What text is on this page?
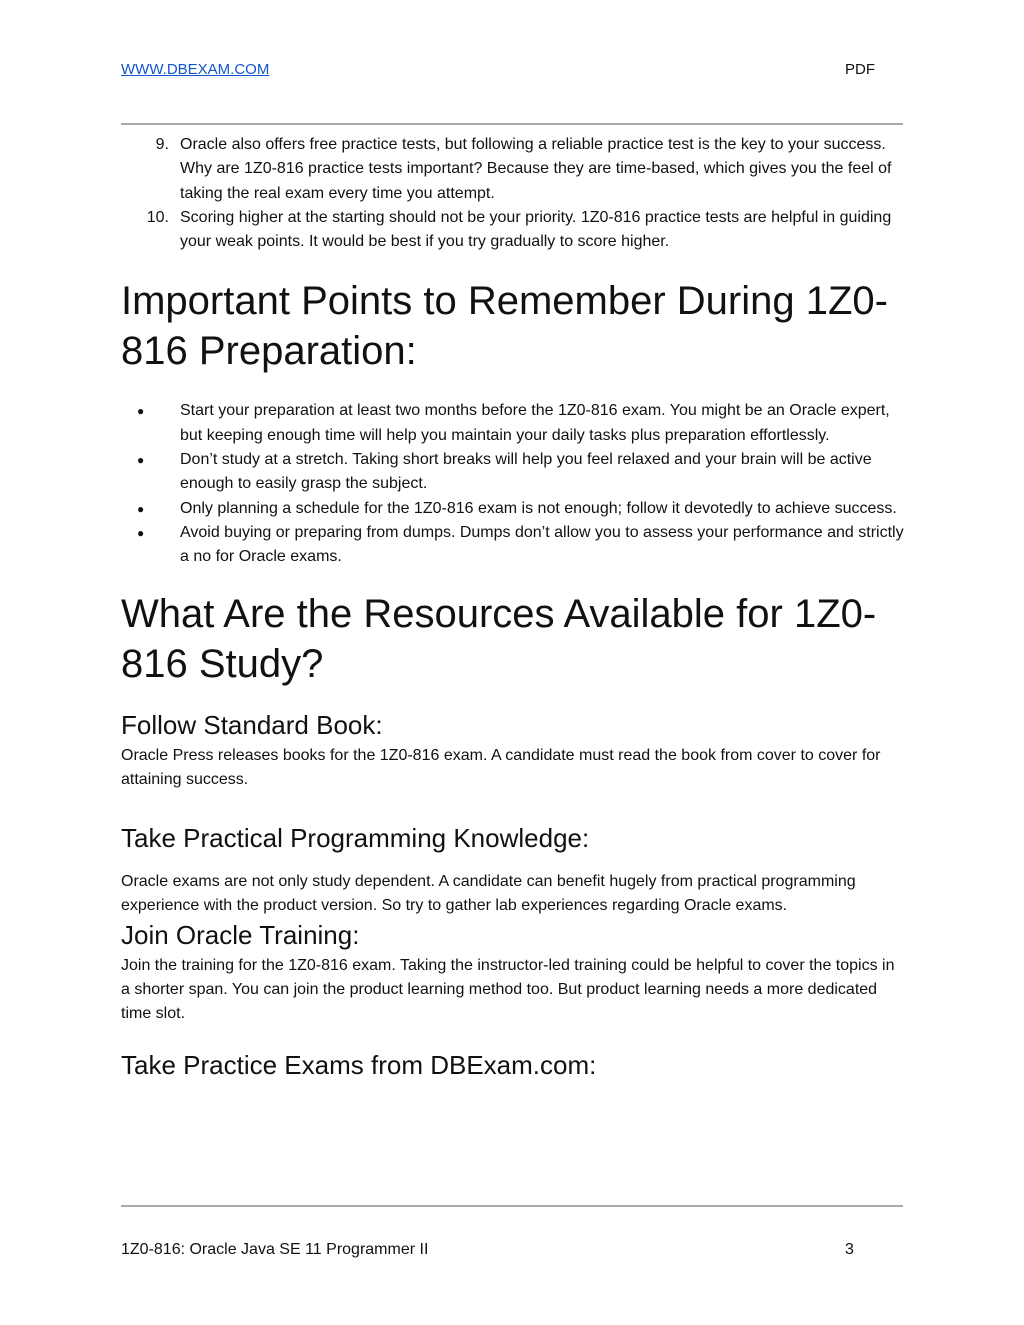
WWW.DBEXAM.COM	PDF
9. Oracle also offers free practice tests, but following a reliable practice test is the key to your success. Why are 1Z0-816 practice tests important? Because they are time-based, which gives you the feel of taking the real exam every time you attempt.
10. Scoring higher at the starting should not be your priority. 1Z0-816 practice tests are helpful in guiding your weak points. It would be best if you try gradually to score higher.
Important Points to Remember During 1Z0-
816 Preparation:
● Start your preparation at least two months before the 1Z0-816 exam. You might be an Oracle expert, but keeping enough time will help you maintain your daily tasks plus preparation effortlessly.
● Don’t study at a stretch. Taking short breaks will help you feel relaxed and your brain will be active enough to easily grasp the subject.
● Only planning a schedule for the 1Z0-816 exam is not enough; follow it devotedly to achieve success.
● Avoid buying or preparing from dumps. Dumps don’t allow you to assess your performance and strictly a no for Oracle exams.
What Are the Resources Available for 1Z0-
816 Study?
Follow Standard Book:

Oracle Press releases books for the 1Z0-816 exam. A candidate must read the book from cover to cover for attaining success.

Take Practical Programming Knowledge:

Oracle exams are not only study dependent. A candidate can benefit hugely from practical programming experience with the product version. So try to gather lab experiences regarding Oracle exams.

Join Oracle Training:

Join the training for the 1Z0-816 exam. Taking the instructor-led training could be helpful to cover the topics in a shorter span. You can join the product learning method too. But product learning needs a more dedicated time slot.

Take Practice Exams from DBExam.com:
1Z0-816: Oracle Java SE 11 Programmer II	3
